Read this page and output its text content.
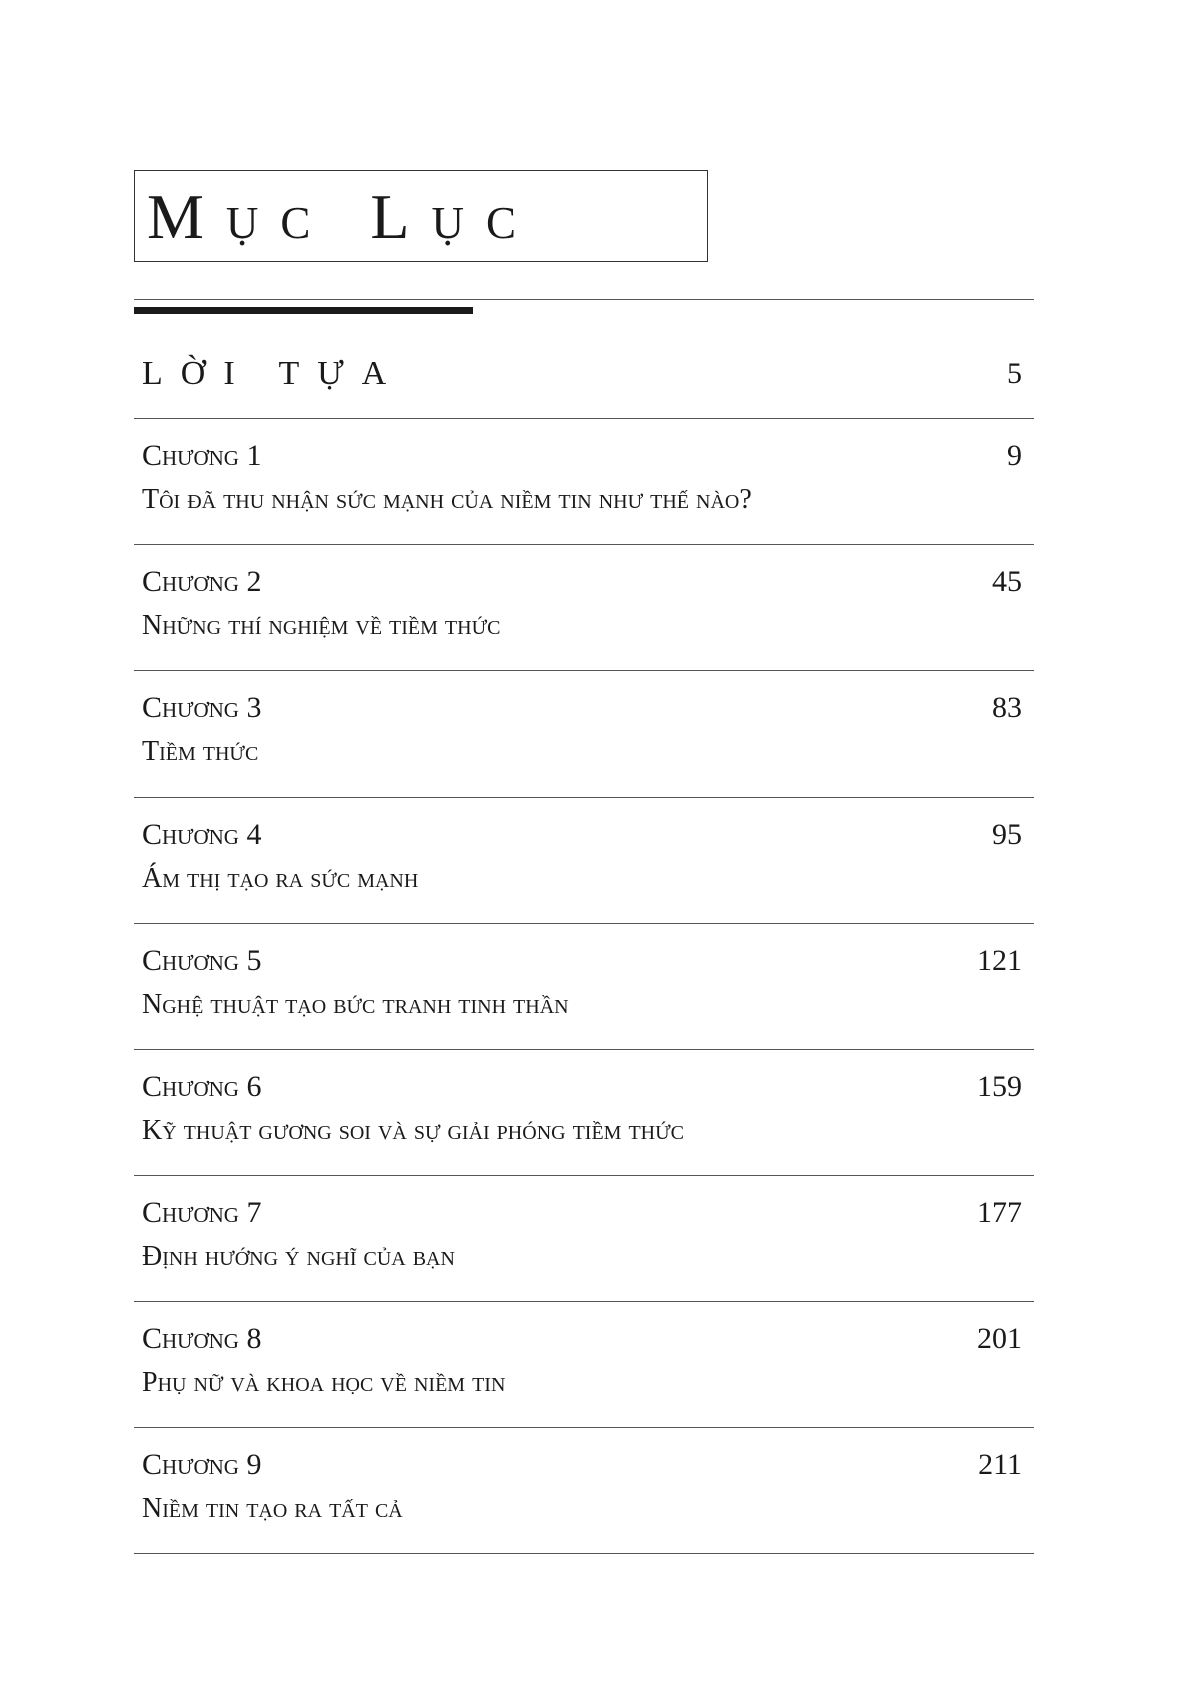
Mục Lục
LỜI TỰA	5
Chương 1	9
Tôi đã thu nhận sức mạnh của niềm tin như thế nào?
Chương 2	45
Những thí nghiệm về tiềm thức
Chương 3	83
Tiềm thức
Chương 4	95
Ám thị tạo ra sức mạnh
Chương 5	121
Nghệ thuật tạo bức tranh tinh thần
Chương 6	159
Kỹ thuật gương soi và sự giải phóng tiềm thức
Chương 7	177
Định hướng ý nghĩ của bạn
Chương 8	201
Phụ nữ và khoa học về niềm tin
Chương 9	211
Niềm tin tạo ra tất cả
